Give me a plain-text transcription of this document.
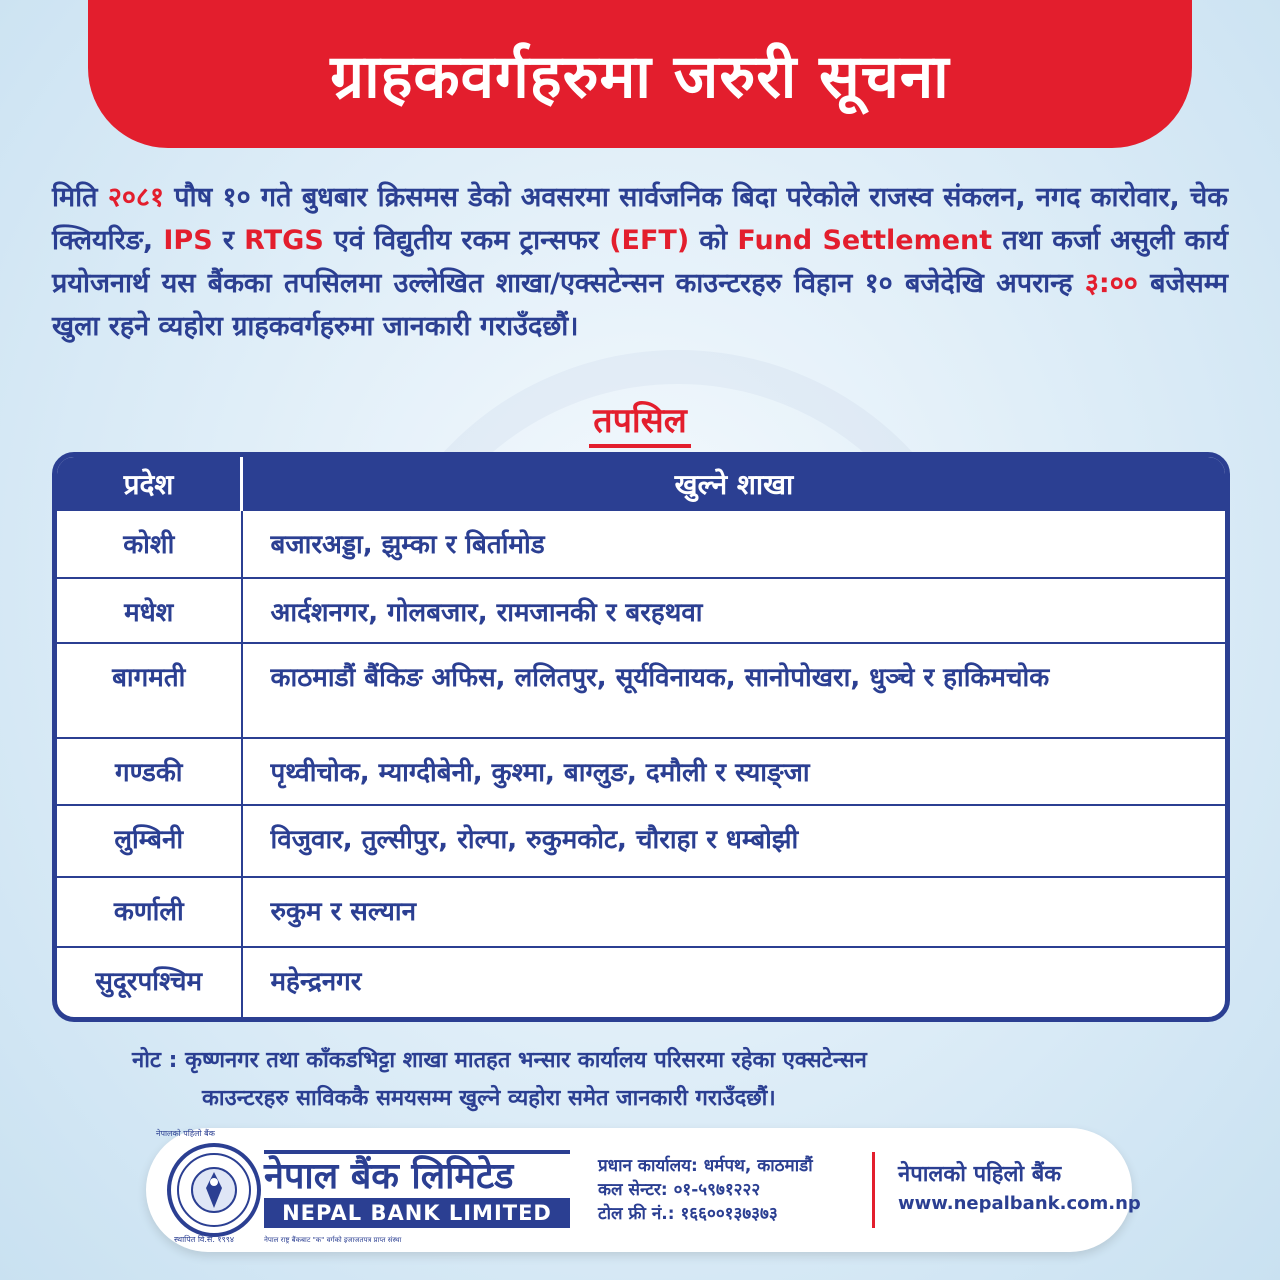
ग्राहकवर्गहरुमा जरुरी सूचना

मिति २०८१ पौष १० गते बुधबार क्रिसमस डेको अवसरमा सार्वजनिक बिदा परेकोले राजस्व संकलन, नगद कारोवार, चेक क्लियरिङ, IPS र RTGS एवं विद्युतीय रकम ट्रान्सफर (EFT) को Fund Settlement तथा कर्जा असुली कार्य प्रयोजनार्थ यस बैंकका तपसिलमा उल्लेखित शाखा/एक्सटेन्सन काउन्टरहरु विहान १० बजेदेखि अपरान्ह ३:०० बजेसम्म खुला रहने व्यहोरा ग्राहकवर्गहरुमा जानकारी गराउँदछौं।

तपसिल
प्रदेश	खुल्ने शाखा
कोशी	बजारअड्डा, झुम्का र बिर्तामोड
मधेश	आर्दशनगर, गोलबजार, रामजानकी र बरहथवा
बागमती	काठमाडौं बैंकिङ अफिस, ललितपुर, सूर्यविनायक, सानोपोखरा, धुञ्चे र हाकिमचोक
गण्डकी	पृथ्वीचोक, म्याग्दीबेनी, कुश्मा, बाग्लुङ, दमौली र स्याङ्जा
लुम्बिनी	विजुवार, तुल्सीपुर, रोल्पा, रुकुमकोट, चौराहा र धम्बोझी
कर्णाली	रुकुम र सल्यान
सुदूरपश्चिम	महेन्द्रनगर

नोट : कृष्णनगर तथा काँकडभिट्टा शाखा मातहत भन्सार कार्यालय परिसरमा रहेका एक्सटेन्सन
काउन्टरहरु साविककै समयसम्म खुल्ने व्यहोरा समेत जानकारी गराउँदछौं।

नेपालको पहिलो बैंक
स्थापित वि.सं. १९९४
नेपाल बैंक लिमिटेड
NEPAL BANK LIMITED
नेपाल राष्ट्र बैंकबाट "क" वर्गको इजाजतपत्र प्राप्त संस्था
प्रधान कार्यालय: धर्मपथ, काठमाडौं
कल सेन्टर: ०१-५९७१२२२
टोल फ्री नं.: १६६००१३७३७३
नेपालको पहिलो बैंक
www.nepalbank.com.np
